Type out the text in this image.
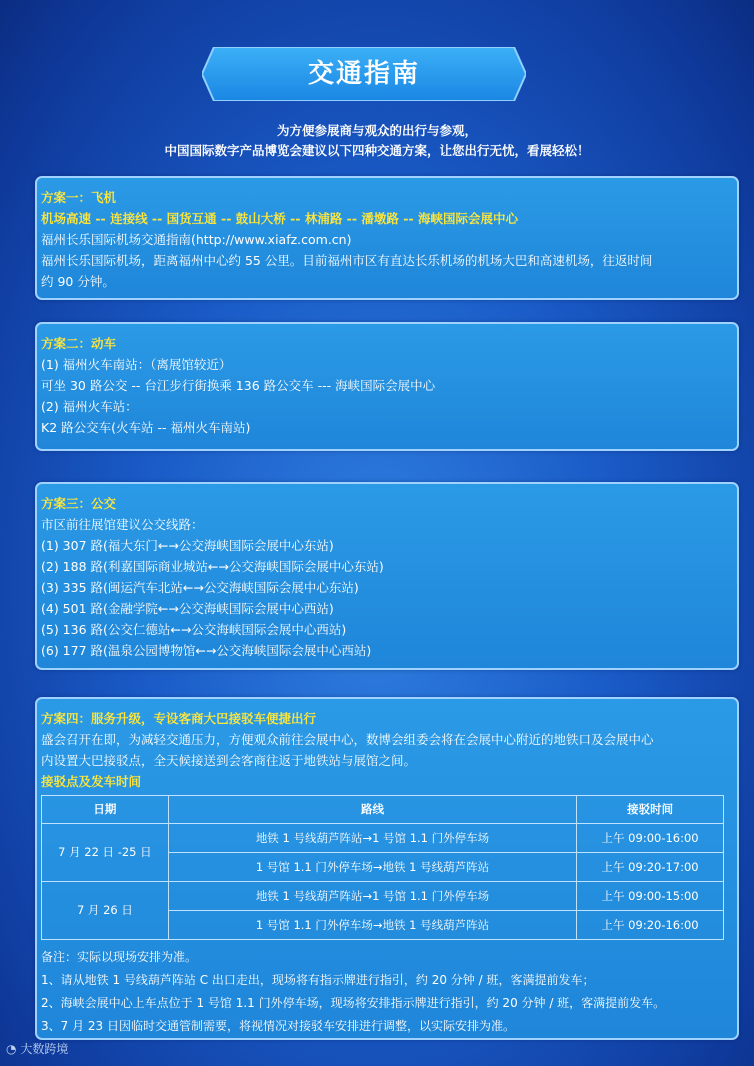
交通指南
为方便参展商与观众的出行与参观，
中国国际数字产品博览会建议以下四种交通方案，让您出行无忧，看展轻松！

方案一：飞机

机场高速 -- 连接线 -- 国货互通 -- 鼓山大桥 -- 林浦路 -- 潘墩路 -- 海峡国际会展中心

福州长乐国际机场交通指南(http://www.xiafz.com.cn)

福州长乐国际机场，距离福州中心约 55 公里。目前福州市区有直达长乐机场的机场大巴和高速机场，往返时间

约 90 分钟。

方案二：动车

(1) 福州火车南站：（离展馆较近）

可坐 30 路公交 -- 台江步行街换乘 136 路公交车 --- 海峡国际会展中心

(2) 福州火车站：

K2 路公交车(火车站 -- 福州火车南站)

方案三：公交

市区前往展馆建议公交线路：

(1) 307 路(福大东门←→公交海峡国际会展中心东站)

(2) 188 路(利嘉国际商业城站←→公交海峡国际会展中心东站)

(3) 335 路(闽运汽车北站←→公交海峡国际会展中心东站)

(4) 501 路(金融学院←→公交海峡国际会展中心西站)

(5) 136 路(公交仁德站←→公交海峡国际会展中心西站)

(6) 177 路(温泉公园博物馆←→公交海峡国际会展中心西站)

方案四：服务升级，专设客商大巴接驳车便捷出行

盛会召开在即，为减轻交通压力，方便观众前往会展中心，数博会组委会将在会展中心附近的地铁口及会展中心

内设置大巴接驳点，全天候接送到会客商往返于地铁站与展馆之间。

接驳点及发车时间

日期	路线	接驳时间
7 月 22 日 -25 日	地铁 1 号线葫芦阵站→1 号馆 1.1 门外停车场	上午 09:00-16:00
	1 号馆 1.1 门外停车场→地铁 1 号线葫芦阵站	上午 09:20-17:00
7 月 26 日	地铁 1 号线葫芦阵站→1 号馆 1.1 门外停车场	上午 09:00-15:00
	1 号馆 1.1 门外停车场→地铁 1 号线葫芦阵站	上午 09:20-16:00

备注：实际以现场安排为准。

1、请从地铁 1 号线葫芦阵站 C 出口走出，现场将有指示牌进行指引，约 20 分钟 / 班，客满提前发车；

2、海峡会展中心上车点位于 1 号馆 1.1 门外停车场，现场将安排指示牌进行指引，约 20 分钟 / 班，客满提前发车。

3、7 月 23 日因临时交通管制需要，将视情况对接驳车安排进行调整，以实际安排为准。

◔ 大数跨境
